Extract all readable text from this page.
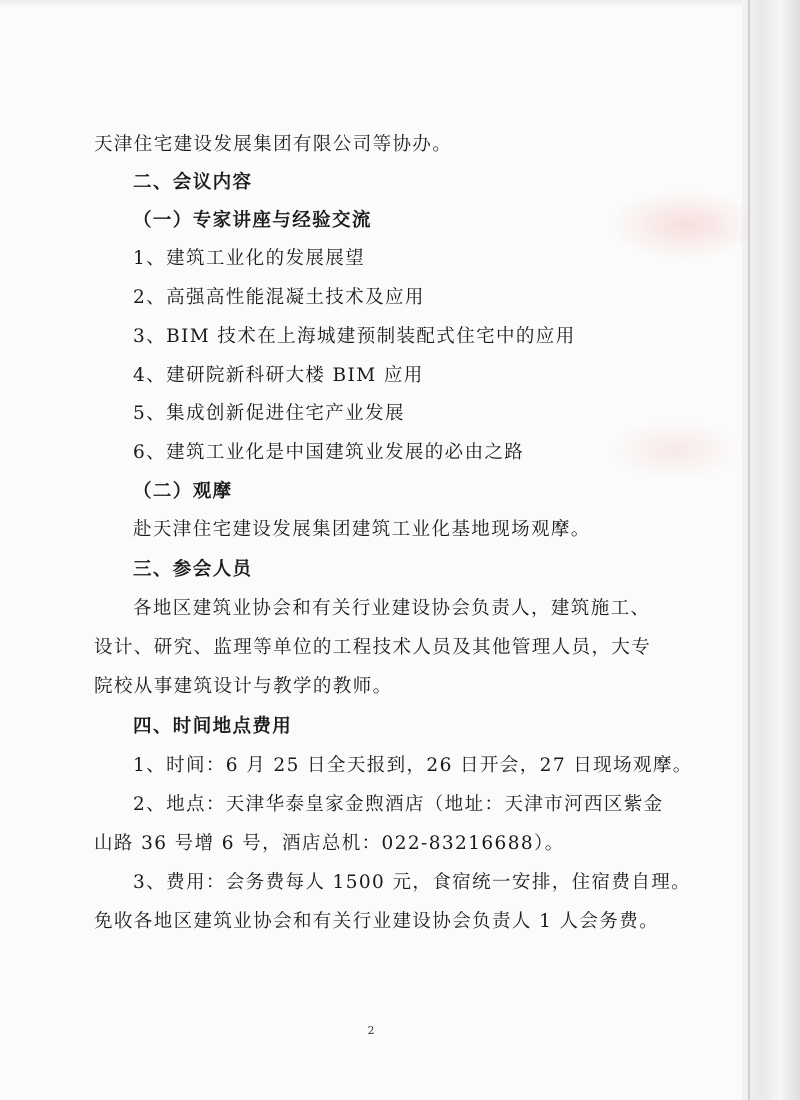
天津住宅建设发展集团有限公司等协办。
二、会议内容
（一）专家讲座与经验交流
1、建筑工业化的发展展望
2、高强高性能混凝土技术及应用
3、BIM 技术在上海城建预制装配式住宅中的应用
4、建研院新科研大楼 BIM 应用
5、集成创新促进住宅产业发展
6、建筑工业化是中国建筑业发展的必由之路
（二）观摩
赴天津住宅建设发展集团建筑工业化基地现场观摩。
三、参会人员
各地区建筑业协会和有关行业建设协会负责人，建筑施工、
设计、研究、监理等单位的工程技术人员及其他管理人员，大专
院校从事建筑设计与教学的教师。
四、时间地点费用
1、时间：6 月 25 日全天报到，26 日开会，27 日现场观摩。
2、地点：天津华泰皇家金煦酒店（地址：天津市河西区紫金
山路 36 号增 6 号，酒店总机：022-83216688）。
3、费用：会务费每人 1500 元，食宿统一安排，住宿费自理。
免收各地区建筑业协会和有关行业建设协会负责人 1 人会务费。
2
